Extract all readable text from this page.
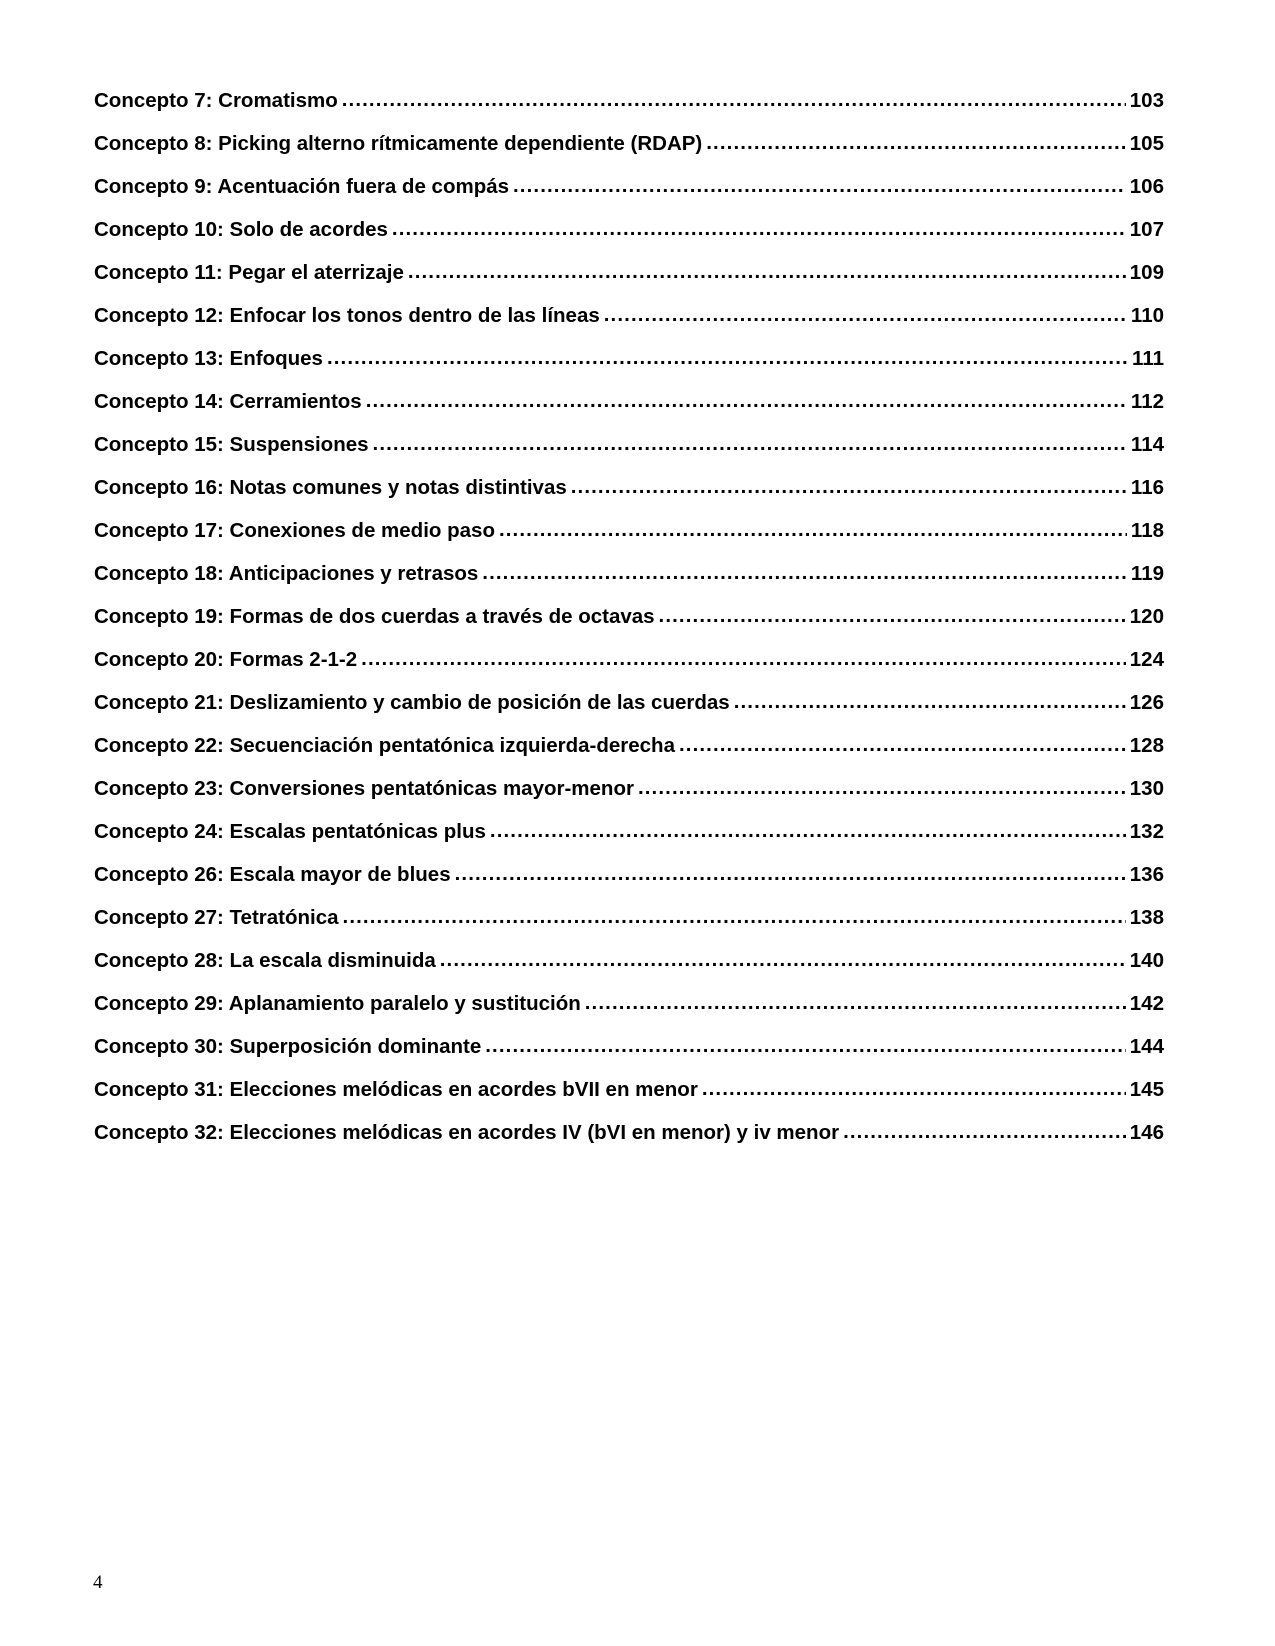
Concepto 7: Cromatismo .....	103
Concepto 8: Picking alterno rítmicamente dependiente (RDAP) .....	105
Concepto 9: Acentuación fuera de compás .....	106
Concepto 10: Solo de acordes .....	107
Concepto 11: Pegar el aterrizaje .....	109
Concepto 12: Enfocar los tonos dentro de las líneas .....	110
Concepto 13: Enfoques .....	111
Concepto 14: Cerramientos .....	112
Concepto 15: Suspensiones .....	114
Concepto 16: Notas comunes y notas distintivas .....	116
Concepto 17: Conexiones de medio paso .....	118
Concepto 18: Anticipaciones y retrasos .....	119
Concepto 19: Formas de dos cuerdas a través de octavas .....	120
Concepto 20: Formas 2-1-2 .....	124
Concepto 21: Deslizamiento y cambio de posición de las cuerdas .....	126
Concepto 22: Secuenciación pentatónica izquierda-derecha .....	128
Concepto 23: Conversiones pentatónicas mayor-menor .....	130
Concepto 24: Escalas pentatónicas plus .....	132
Concepto 26: Escala mayor de blues .....	136
Concepto 27: Tetratónica .....	138
Concepto 28: La escala disminuida .....	140
Concepto 29: Aplanamiento paralelo y sustitución .....	142
Concepto 30: Superposición dominante .....	144
Concepto 31: Elecciones melódicas en acordes bVII en menor .....	145
Concepto 32: Elecciones melódicas en acordes IV (bVI en menor) y iv menor .....	146
4
